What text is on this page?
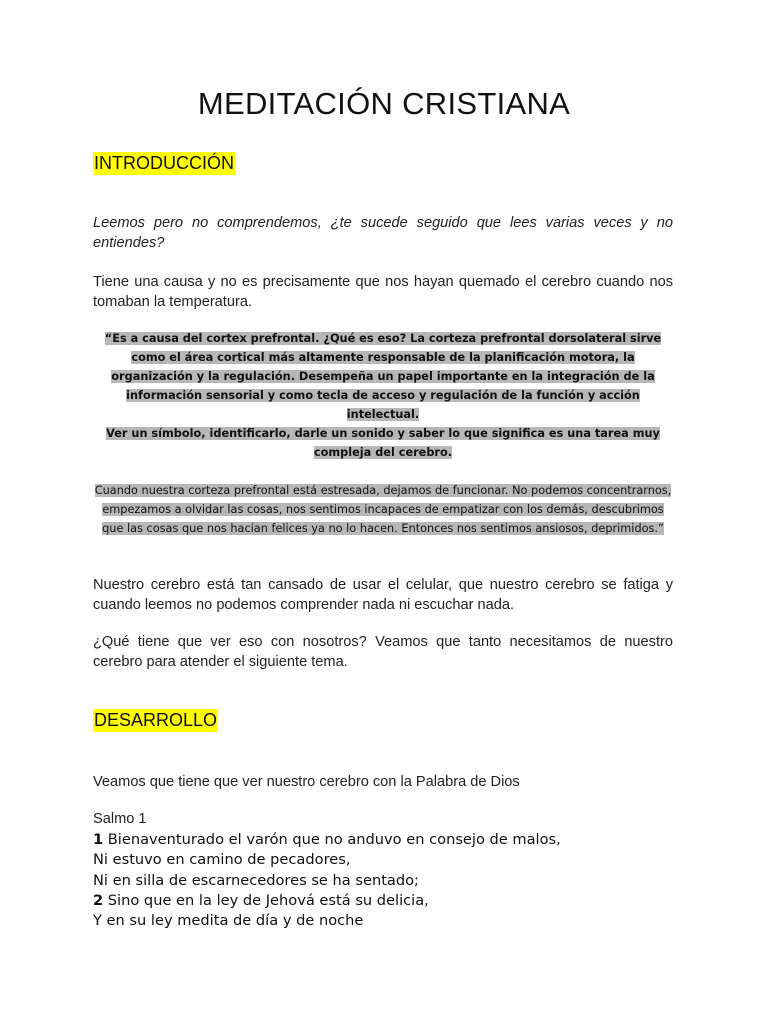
MEDITACIÓN CRISTIANA
INTRODUCCIÓN
Leemos pero no comprendemos, ¿te sucede seguido que lees varias veces y no entiendes?
Tiene una causa y no es precisamente que nos hayan quemado el cerebro cuando nos tomaban la temperatura.
“Es a causa del cortex prefrontal. ¿Qué es eso? La corteza prefrontal dorsolateral sirve como el área cortical más altamente responsable de la planificación motora, la organización y la regulación. Desempeña un papel importante en la integración de la información sensorial y como tecla de acceso y regulación de la función y acción intelectual.
Ver un símbolo, identificarlo, darle un sonido y saber lo que significa es una tarea muy compleja del cerebro.
Cuando nuestra corteza prefrontal está estresada, dejamos de funcionar. No podemos concentrarnos, empezamos a olvidar las cosas, nos sentimos incapaces de empatizar con los demás, descubrimos que las cosas que nos hacían felices ya no lo hacen. Entonces nos sentimos ansiosos, deprimidos.”
Nuestro cerebro está tan cansado de usar el celular, que nuestro cerebro se fatiga y cuando leemos no podemos comprender nada ni escuchar nada.
¿Qué tiene que ver eso con nosotros? Veamos que tanto necesitamos de nuestro cerebro para atender el siguiente tema.
DESARROLLO
Veamos que tiene que ver nuestro cerebro con la Palabra de Dios
Salmo 1
1 Bienaventurado el varón que no anduvo en consejo de malos,
Ni estuvo en camino de pecadores,
Ni en silla de escarnecedores se ha sentado;
2 Sino que en la ley de Jehová está su delicia,
Y en su ley medita de día y de noche
